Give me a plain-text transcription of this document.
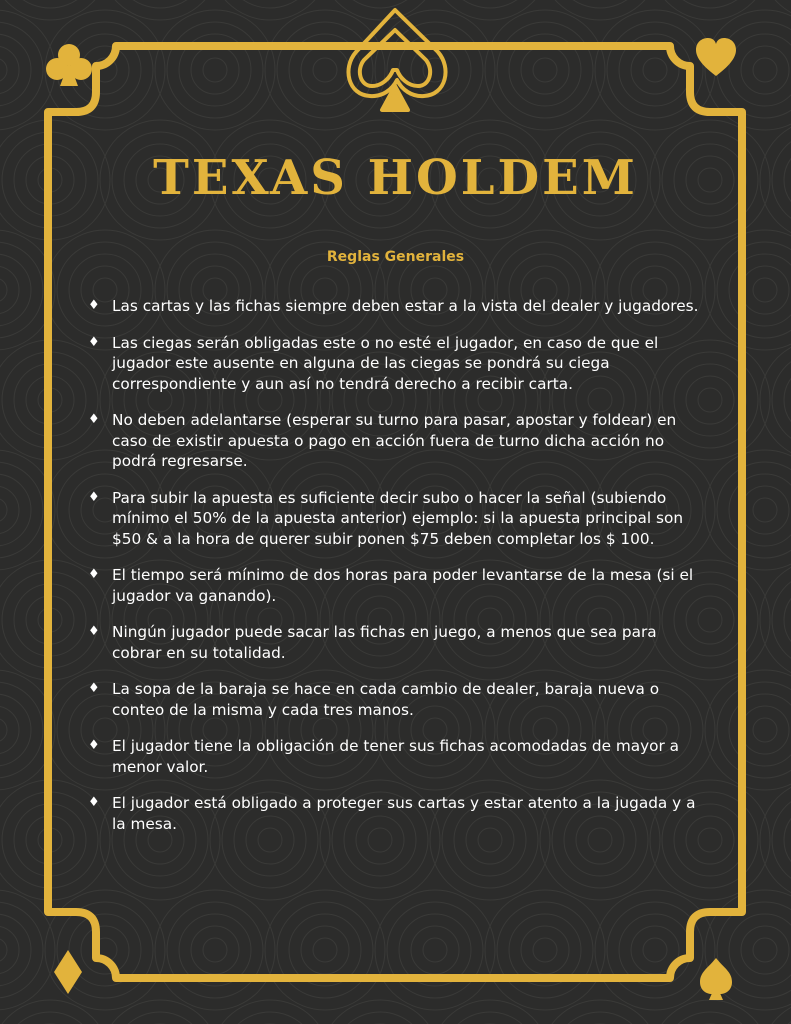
TEXAS HOLDEM
Reglas Generales
♦ Las cartas y las fichas siempre deben estar a la vista del dealer y jugadores.
♦ Las ciegas serán obligadas este o no esté el jugador, en caso de que el jugador este ausente en alguna de las ciegas se pondrá su ciega correspondiente y aun así no tendrá derecho a recibir carta.
♦ No deben adelantarse (esperar su turno para pasar, apostar y foldear) en caso de existir apuesta o pago en acción fuera de turno dicha acción no podrá regresarse.
♦ Para subir la apuesta es suficiente decir subo o hacer la señal (subiendo mínimo el 50% de la apuesta anterior) ejemplo: si la apuesta principal son $50 & a la hora de querer subir ponen $75 deben completar los $ 100.
♦ El tiempo será mínimo de dos horas para poder levantarse de la mesa (si el jugador va ganando).
♦ Ningún jugador puede sacar las fichas en juego, a menos que sea para cobrar en su totalidad.
♦ La sopa de la baraja se hace en cada cambio de dealer, baraja nueva o conteo de la misma y cada tres manos.
♦ El jugador tiene la obligación de tener sus fichas acomodadas de mayor a menor valor.
♦ El jugador está obligado a proteger sus cartas y estar atento a la jugada y a la mesa.
